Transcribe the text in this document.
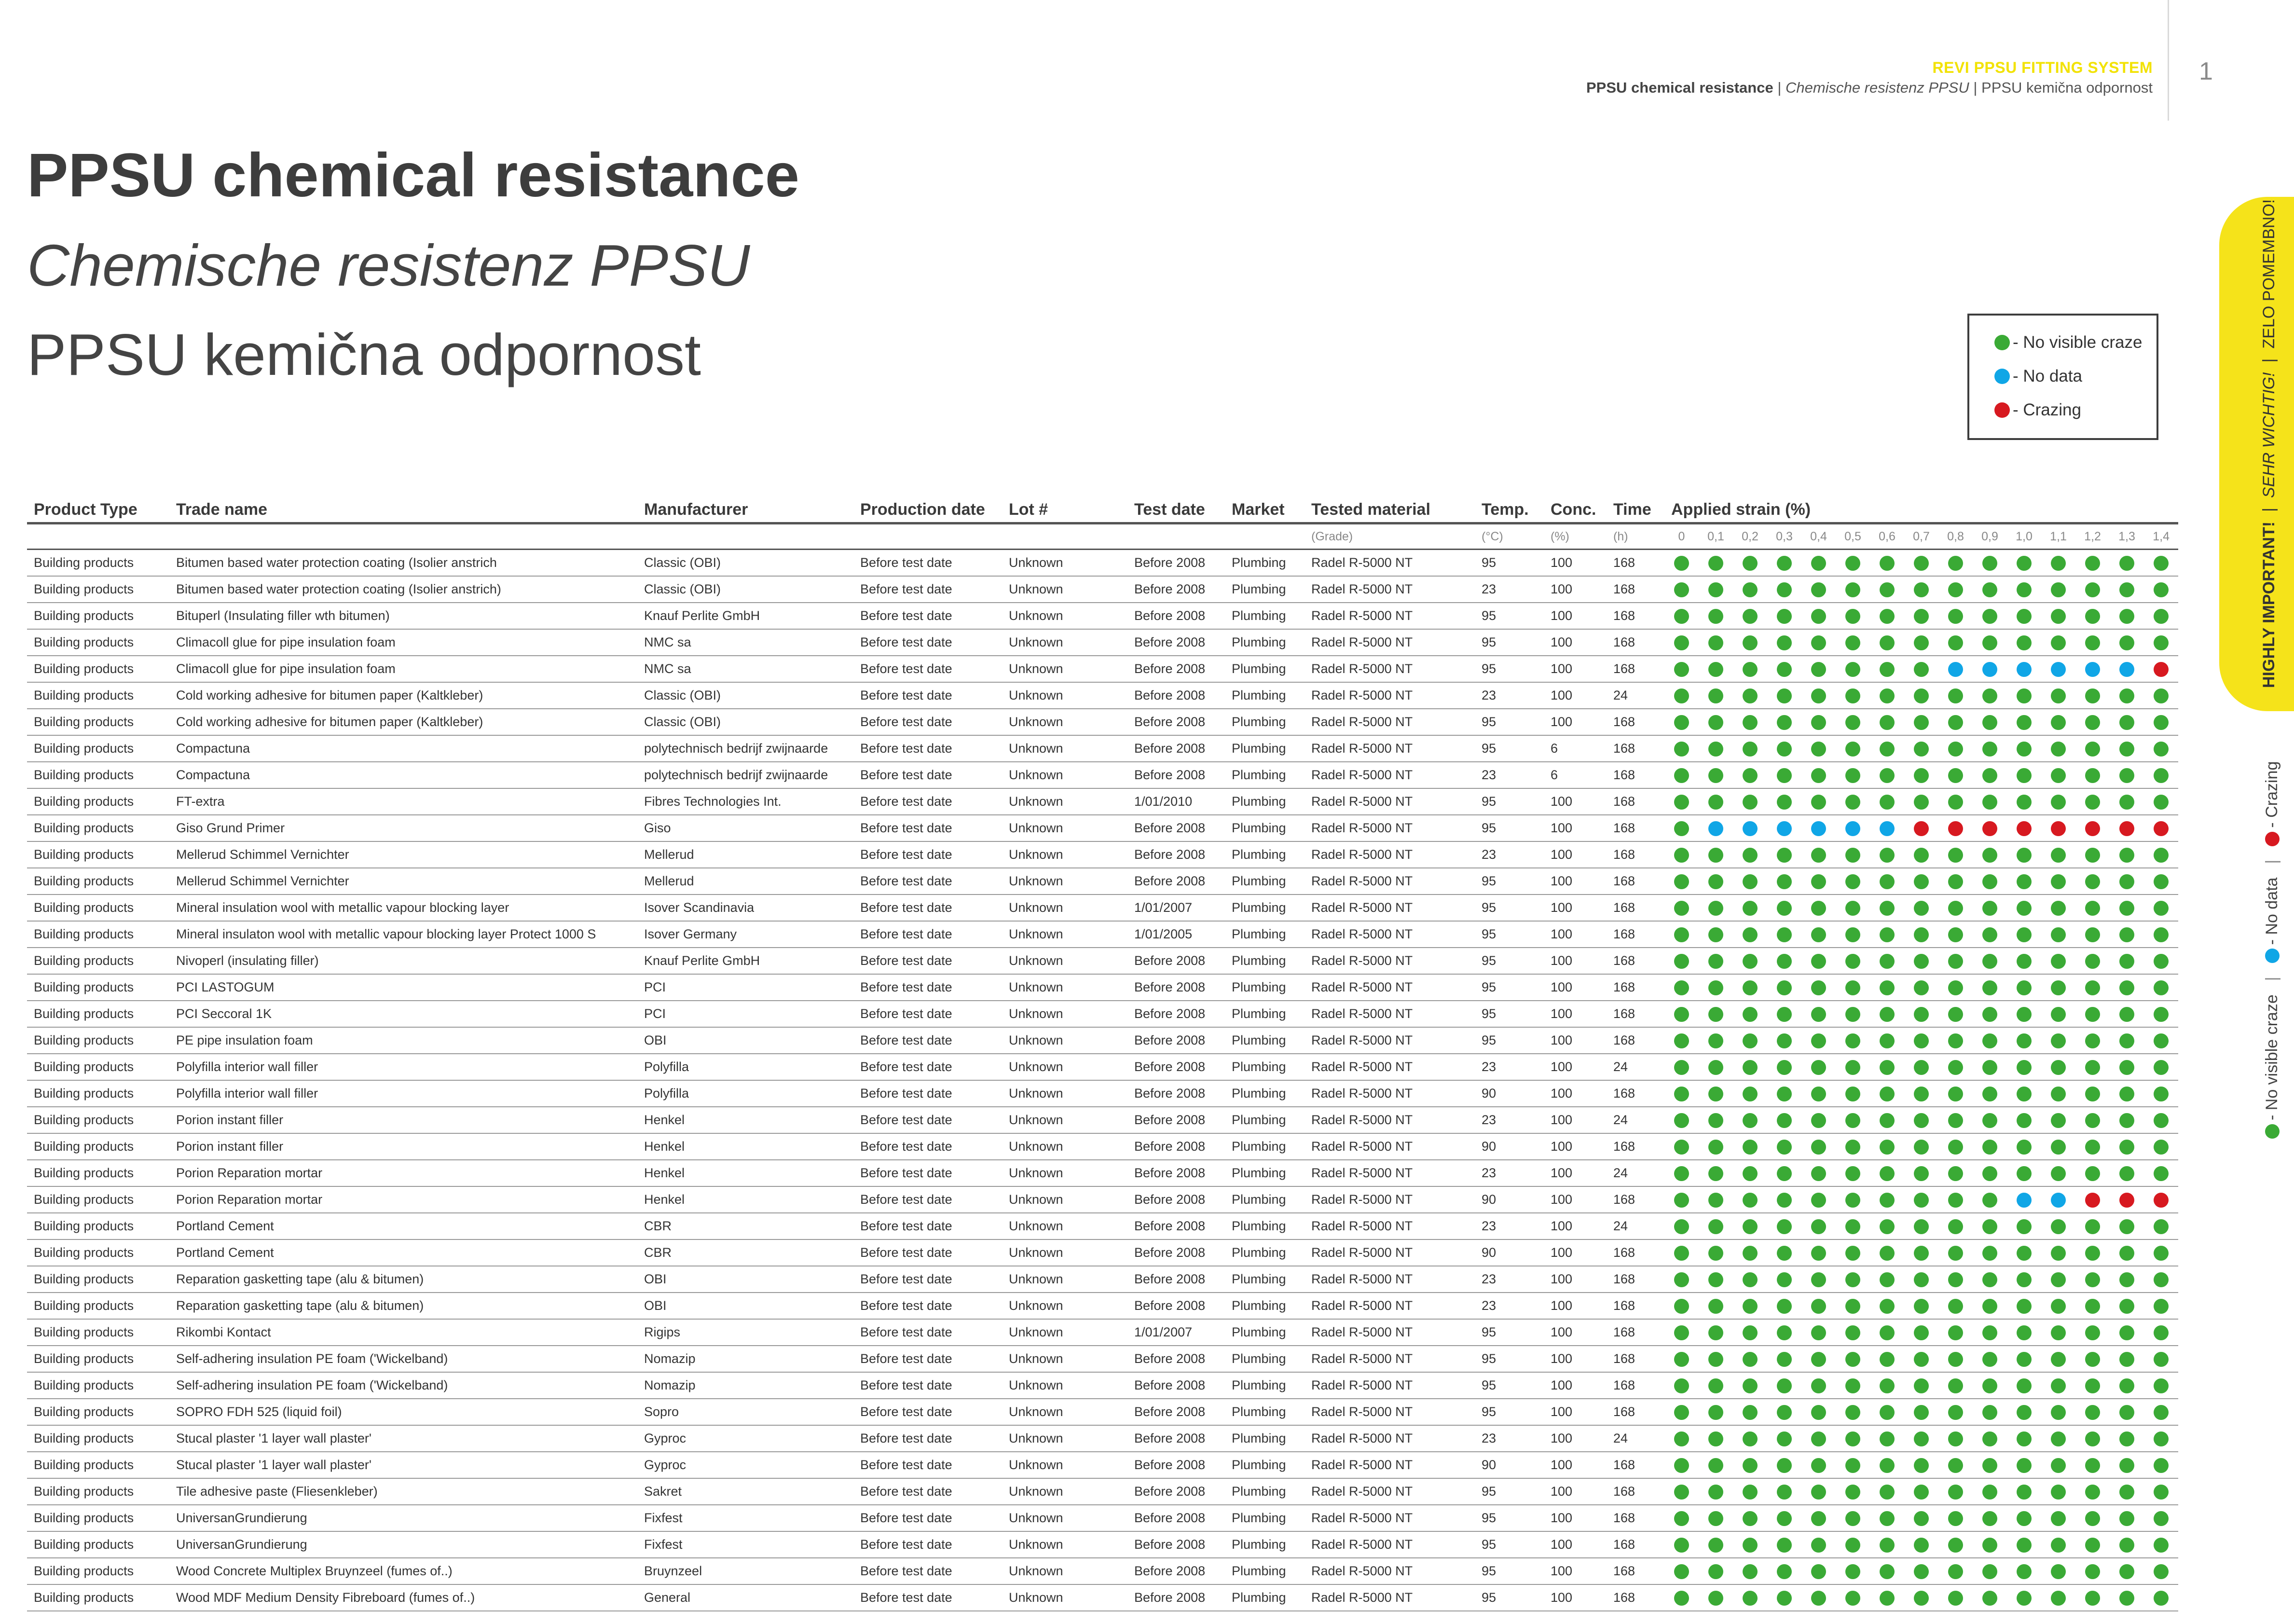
REVI PPSU FITTING SYSTEM
PPSU chemical resistance | Chemische resistenz PPSU | PPSU kemična odpornost
1
PPSU chemical resistance
Chemische resistenz PPSU
PPSU kemična odpornost	- No visible craze
- No data
- Crazing
HIGHLY IMPORTANT!|SEHR WICHTIG!|ZELO POMEMBNO!
- No visible craze
|
- No data
|
- Crazing
Product Type	Trade name	Manufacturer	Production date	Lot #	Test date	Market	Tested material	Temp.	Conc.	Time	Applied strain (%)														
							(Grade)	(°C)	(%)	(h)	0	0,1	0,2	0,3	0,4	0,5	0,6	0,7	0,8	0,9	1,0	1,1	1,2	1,3	1,4
Building products	Bitumen based water protection coating (Isolier anstrich	Classic (OBI)	Before test date	Unknown	Before 2008	Plumbing	Radel R-5000 NT	95	100	168															
Building products	Bitumen based water protection coating (Isolier anstrich)	Classic (OBI)	Before test date	Unknown	Before 2008	Plumbing	Radel R-5000 NT	23	100	168															
Building products	Bituperl (Insulating filler wth bitumen)	Knauf Perlite GmbH	Before test date	Unknown	Before 2008	Plumbing	Radel R-5000 NT	95	100	168															
Building products	Climacoll glue for pipe insulation foam	NMC sa	Before test date	Unknown	Before 2008	Plumbing	Radel R-5000 NT	95	100	168															
Building products	Climacoll glue for pipe insulation foam	NMC sa	Before test date	Unknown	Before 2008	Plumbing	Radel R-5000 NT	95	100	168															
Building products	Cold working adhesive for bitumen paper (Kaltkleber)	Classic (OBI)	Before test date	Unknown	Before 2008	Plumbing	Radel R-5000 NT	23	100	24															
Building products	Cold working adhesive for bitumen paper (Kaltkleber)	Classic (OBI)	Before test date	Unknown	Before 2008	Plumbing	Radel R-5000 NT	95	100	168															
Building products	Compactuna	polytechnisch bedrijf zwijnaarde	Before test date	Unknown	Before 2008	Plumbing	Radel R-5000 NT	95	6	168															
Building products	Compactuna	polytechnisch bedrijf zwijnaarde	Before test date	Unknown	Before 2008	Plumbing	Radel R-5000 NT	23	6	168															
Building products	FT-extra	Fibres Technologies Int.	Before test date	Unknown	1/01/2010	Plumbing	Radel R-5000 NT	95	100	168															
Building products	Giso Grund Primer	Giso	Before test date	Unknown	Before 2008	Plumbing	Radel R-5000 NT	95	100	168															
Building products	Mellerud Schimmel Vernichter	Mellerud	Before test date	Unknown	Before 2008	Plumbing	Radel R-5000 NT	23	100	168															
Building products	Mellerud Schimmel Vernichter	Mellerud	Before test date	Unknown	Before 2008	Plumbing	Radel R-5000 NT	95	100	168															
Building products	Mineral insulation wool with metallic vapour blocking layer	Isover Scandinavia	Before test date	Unknown	1/01/2007	Plumbing	Radel R-5000 NT	95	100	168															
Building products	Mineral insulaton wool with metallic vapour blocking layer Protect 1000 S	Isover Germany	Before test date	Unknown	1/01/2005	Plumbing	Radel R-5000 NT	95	100	168															
Building products	Nivoperl (insulating filler)	Knauf Perlite GmbH	Before test date	Unknown	Before 2008	Plumbing	Radel R-5000 NT	95	100	168															
Building products	PCI LASTOGUM	PCI	Before test date	Unknown	Before 2008	Plumbing	Radel R-5000 NT	95	100	168															
Building products	PCI Seccoral 1K	PCI	Before test date	Unknown	Before 2008	Plumbing	Radel R-5000 NT	95	100	168															
Building products	PE pipe insulation foam	OBI	Before test date	Unknown	Before 2008	Plumbing	Radel R-5000 NT	95	100	168															
Building products	Polyfilla interior wall filler	Polyfilla	Before test date	Unknown	Before 2008	Plumbing	Radel R-5000 NT	23	100	24															
Building products	Polyfilla interior wall filler	Polyfilla	Before test date	Unknown	Before 2008	Plumbing	Radel R-5000 NT	90	100	168															
Building products	Porion instant filler	Henkel	Before test date	Unknown	Before 2008	Plumbing	Radel R-5000 NT	23	100	24															
Building products	Porion instant filler	Henkel	Before test date	Unknown	Before 2008	Plumbing	Radel R-5000 NT	90	100	168															
Building products	Porion Reparation mortar	Henkel	Before test date	Unknown	Before 2008	Plumbing	Radel R-5000 NT	23	100	24															
Building products	Porion Reparation mortar	Henkel	Before test date	Unknown	Before 2008	Plumbing	Radel R-5000 NT	90	100	168															
Building products	Portland Cement	CBR	Before test date	Unknown	Before 2008	Plumbing	Radel R-5000 NT	23	100	24															
Building products	Portland Cement	CBR	Before test date	Unknown	Before 2008	Plumbing	Radel R-5000 NT	90	100	168															
Building products	Reparation gasketting tape (alu & bitumen)	OBI	Before test date	Unknown	Before 2008	Plumbing	Radel R-5000 NT	23	100	168															
Building products	Reparation gasketting tape (alu & bitumen)	OBI	Before test date	Unknown	Before 2008	Plumbing	Radel R-5000 NT	23	100	168															
Building products	Rikombi Kontact	Rigips	Before test date	Unknown	1/01/2007	Plumbing	Radel R-5000 NT	95	100	168															
Building products	Self-adhering insulation PE foam ('Wickelband)	Nomazip	Before test date	Unknown	Before 2008	Plumbing	Radel R-5000 NT	95	100	168															
Building products	Self-adhering insulation PE foam ('Wickelband)	Nomazip	Before test date	Unknown	Before 2008	Plumbing	Radel R-5000 NT	95	100	168															
Building products	SOPRO FDH 525 (liquid foil)	Sopro	Before test date	Unknown	Before 2008	Plumbing	Radel R-5000 NT	95	100	168															
Building products	Stucal plaster '1 layer wall plaster'	Gyproc	Before test date	Unknown	Before 2008	Plumbing	Radel R-5000 NT	23	100	24															
Building products	Stucal plaster '1 layer wall plaster'	Gyproc	Before test date	Unknown	Before 2008	Plumbing	Radel R-5000 NT	90	100	168															
Building products	Tile adhesive paste (Fliesenkleber)	Sakret	Before test date	Unknown	Before 2008	Plumbing	Radel R-5000 NT	95	100	168															
Building products	UniversanGrundierung	Fixfest	Before test date	Unknown	Before 2008	Plumbing	Radel R-5000 NT	95	100	168															
Building products	UniversanGrundierung	Fixfest	Before test date	Unknown	Before 2008	Plumbing	Radel R-5000 NT	95	100	168															
Building products	Wood Concrete Multiplex Bruynzeel (fumes of..)	Bruynzeel	Before test date	Unknown	Before 2008	Plumbing	Radel R-5000 NT	95	100	168															
Building products	Wood MDF Medium Density Fibreboard (fumes of..)	General	Before test date	Unknown	Before 2008	Plumbing	Radel R-5000 NT	95	100	168															
